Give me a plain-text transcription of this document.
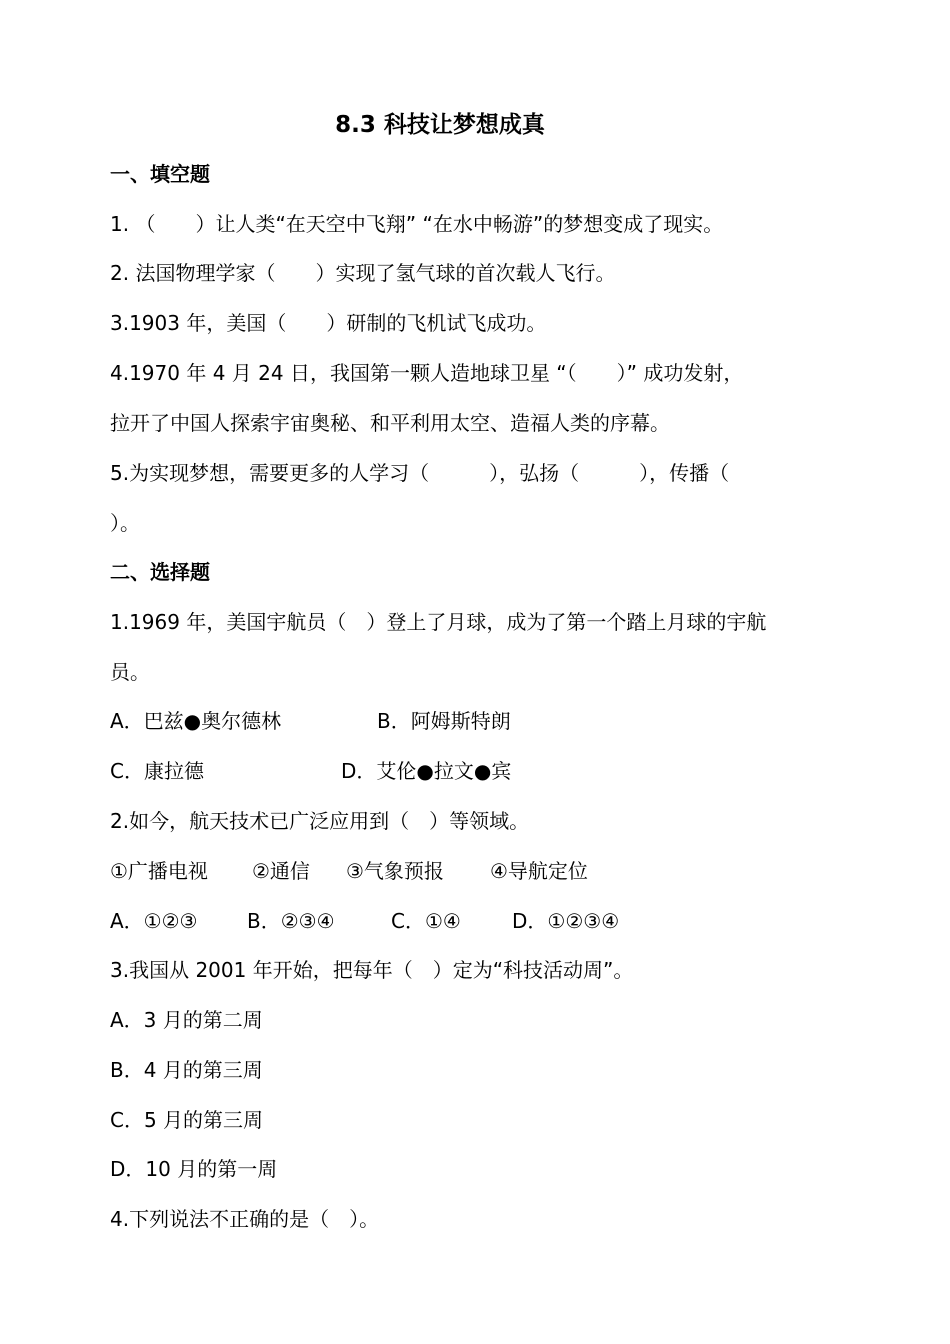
8.3 科技让梦想成真
一、填空题
1. （　　）让人类“在天空中飞翔” “在水中畅游”的梦想变成了现实。
2. 法国物理学家（　　）实现了氢气球的首次载人飞行。
3.1903 年，美国（　　）研制的飞机试飞成功。
4.1970 年 4 月 24 日，我国第一颗人造地球卫星 “（　　）” 成功发射，
拉开了中国人探索宇宙奥秘、和平利用太空、造福人类的序幕。
5.为实现梦想，需要更多的人学习（　　　），弘扬（　　　），传播（
）。
二、选择题
1.1969 年，美国宇航员（　）登上了月球，成为了第一个踏上月球的宇航
员。
A．巴兹●奥尔德林	B．阿姆斯特朗
C．康拉德	D．艾伦●拉文●宾
2.如今，航天技术已广泛应用到（　）等领域。
①广播电视 ②通信 ③气象预报 ④导航定位
A．①②③ B．②③④	C．①④	D．①②③④
3.我国从 2001 年开始，把每年（　）定为“科技活动周”。
A．3 月的第二周
B．4 月的第三周
C．5 月的第三周
D．10 月的第一周
4.下列说法不正确的是（　）。
